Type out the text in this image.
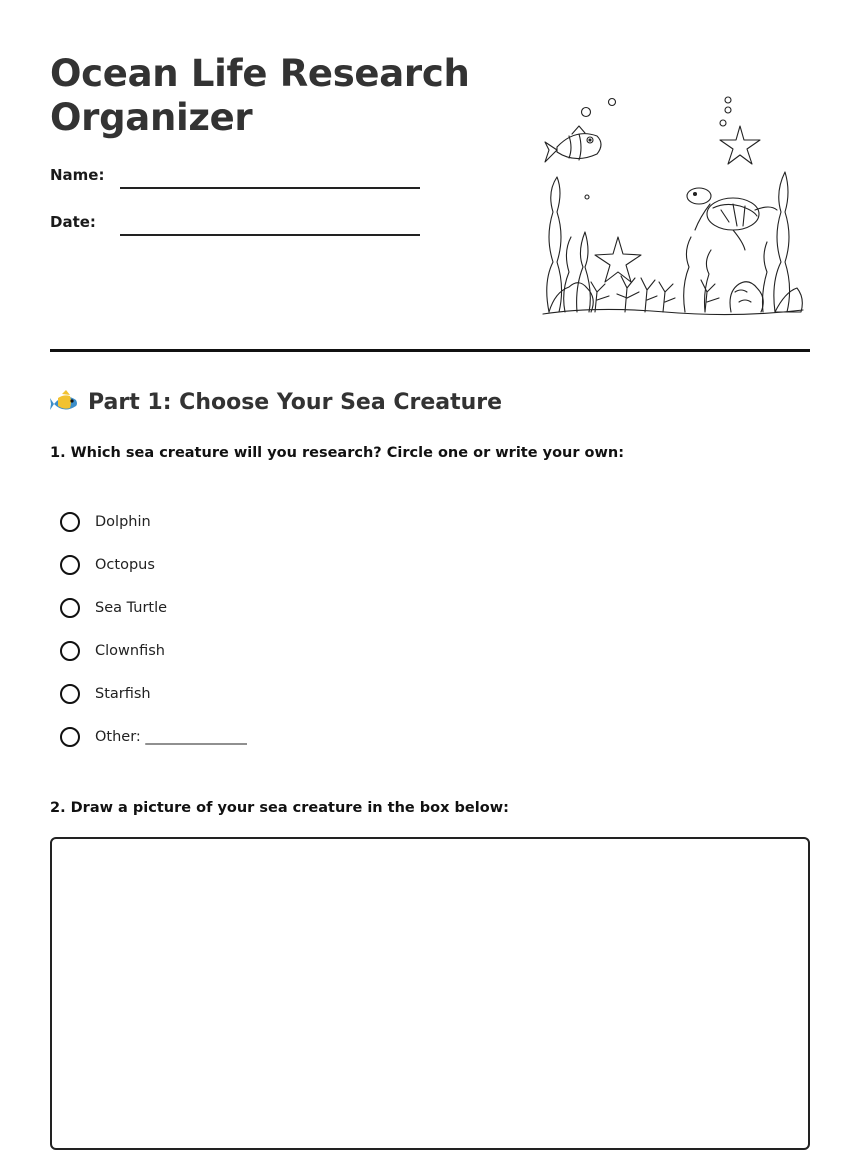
Ocean Life Research Organizer
Name:
Date:
Part 1: Choose Your Sea Creature

1. Which sea creature will you research? Circle one or write your own:

Dolphin
Octopus
Sea Turtle
Clownfish
Starfish
Other: ______________

2. Draw a picture of your sea creature in the box below:
